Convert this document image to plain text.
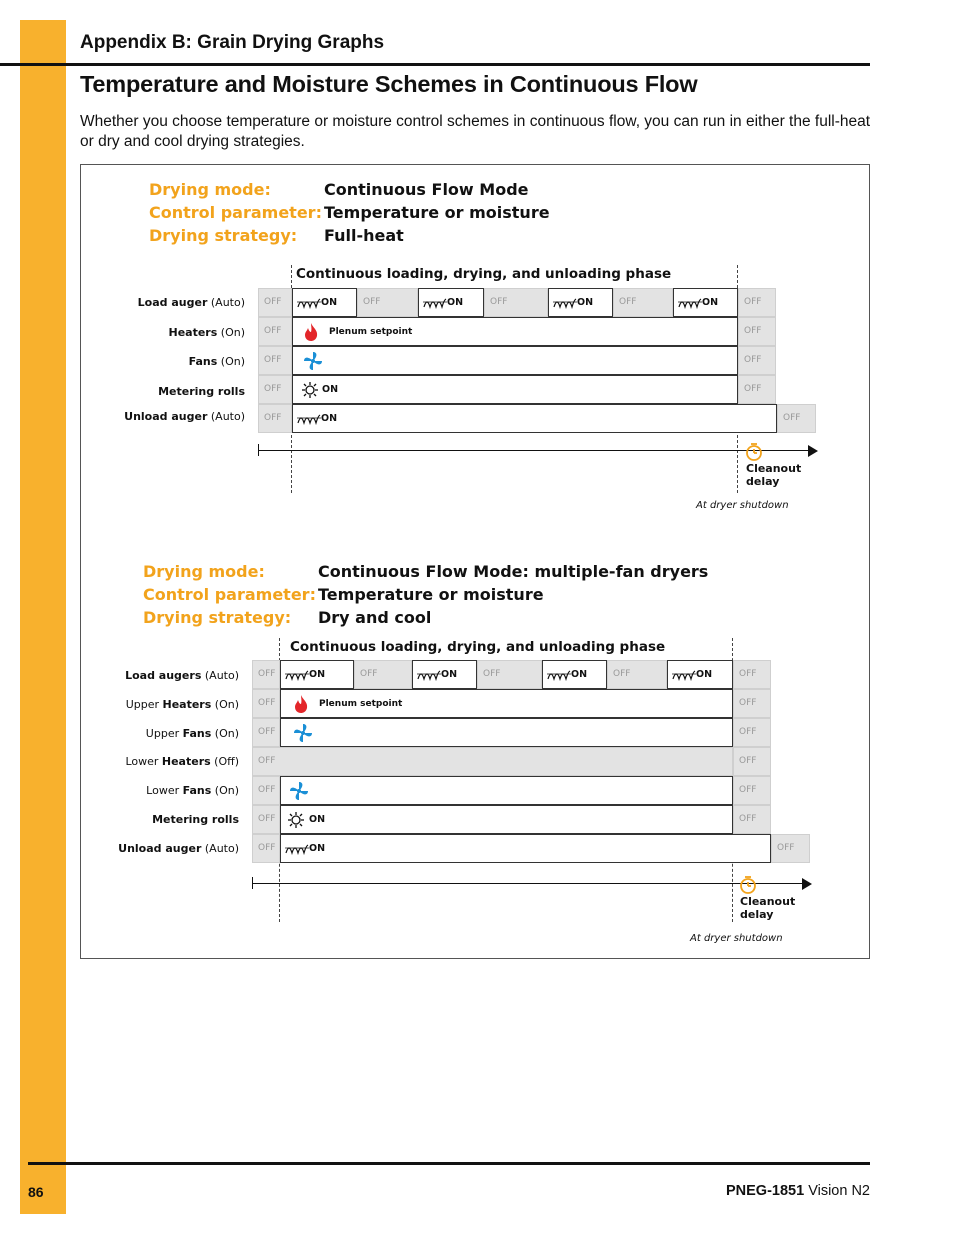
Appendix B: Grain Drying Graphs
Temperature and Moisture Schemes in Continuous Flow
Whether you choose temperature or moisture control schemes in continuous flow, you can run in either the full-heat or dry and cool drying strategies.
Drying mode:	Continuous Flow Mode
Control parameter: Temperature or moisture
Drying strategy: Full-heat
Continuous loading, drying, and unloading phase
Load auger (Auto)	OFF	ON	OFF	ON	OFF	ON	OFF	ON	OFF
Heaters (On)	OFF	Plenum setpoint	OFF
Fans (On)	OFF	OFF
Metering rolls	OFF	ON	OFF
Unload auger (Auto)	OFF	ON	OFF
Cleanout
delay
At dryer shutdown
Drying mode:	Continuous Flow Mode: multiple-fan dryers
Control parameter: Temperature or moisture
Drying strategy: Dry and cool
Continuous loading, drying, and unloading phase
Load augers (Auto)	OFF	ON	OFF	ON	OFF	ON	OFF	ON	OFF
Upper Heaters (On)	OFF	Plenum setpoint	OFF
Upper Fans (On)	OFF	OFF
Lower Heaters (Off)	OFF	OFF
Lower Fans (On)	OFF	OFF
Metering rolls	OFF	ON	OFF
Unload auger (Auto)	OFF	ON	OFF
Cleanout
delay
At dryer shutdown
86	PNEG-1851 Vision N2
